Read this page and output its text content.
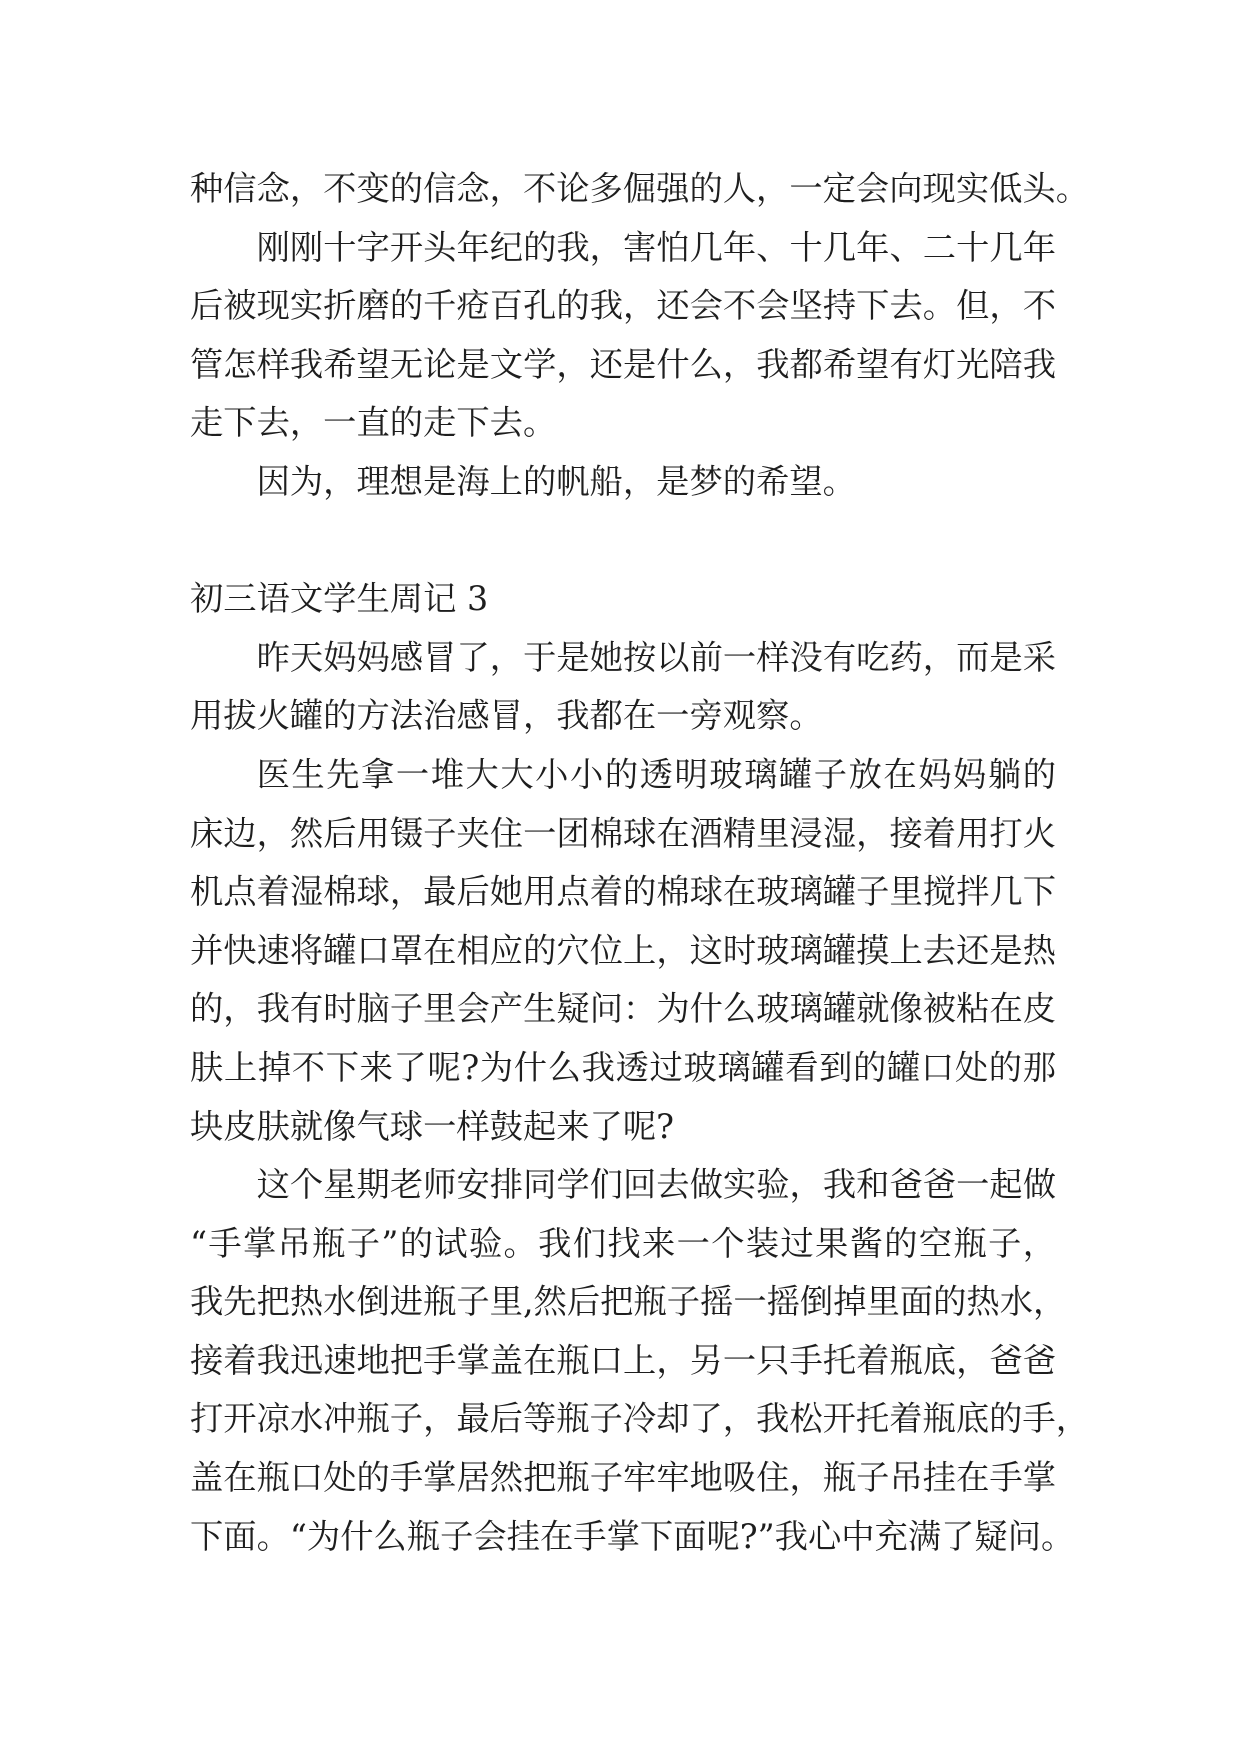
种信念，不变的信念，不论多倔强的人，一定会向现实低头。
刚刚十字开头年纪的我，害怕几年、十几年、二十几年
后被现实折磨的千疮百孔的我，还会不会坚持下去。但，不
管怎样我希望无论是文学，还是什么，我都希望有灯光陪我
走下去，一直的走下去。
因为，理想是海上的帆船，是梦的希望。
初三语文学生周记 3
昨天妈妈感冒了，于是她按以前一样没有吃药，而是采
用拔火罐的方法治感冒，我都在一旁观察。
医生先拿一堆大大小小的透明玻璃罐子放在妈妈躺的
床边，然后用镊子夹住一团棉球在酒精里浸湿，接着用打火
机点着湿棉球，最后她用点着的棉球在玻璃罐子里搅拌几下
并快速将罐口罩在相应的穴位上，这时玻璃罐摸上去还是热
的，我有时脑子里会产生疑问：为什么玻璃罐就像被粘在皮
肤上掉不下来了呢?为什么我透过玻璃罐看到的罐口处的那
块皮肤就像气球一样鼓起来了呢?
这个星期老师安排同学们回去做实验，我和爸爸一起做
“手掌吊瓶子”的试验。我们找来一个装过果酱的空瓶子，
我先把热水倒进瓶子里,然后把瓶子摇一摇倒掉里面的热水，
接着我迅速地把手掌盖在瓶口上，另一只手托着瓶底，爸爸
打开凉水冲瓶子，最后等瓶子冷却了，我松开托着瓶底的手，
盖在瓶口处的手掌居然把瓶子牢牢地吸住，瓶子吊挂在手掌
下面。“为什么瓶子会挂在手掌下面呢?”我心中充满了疑问。
